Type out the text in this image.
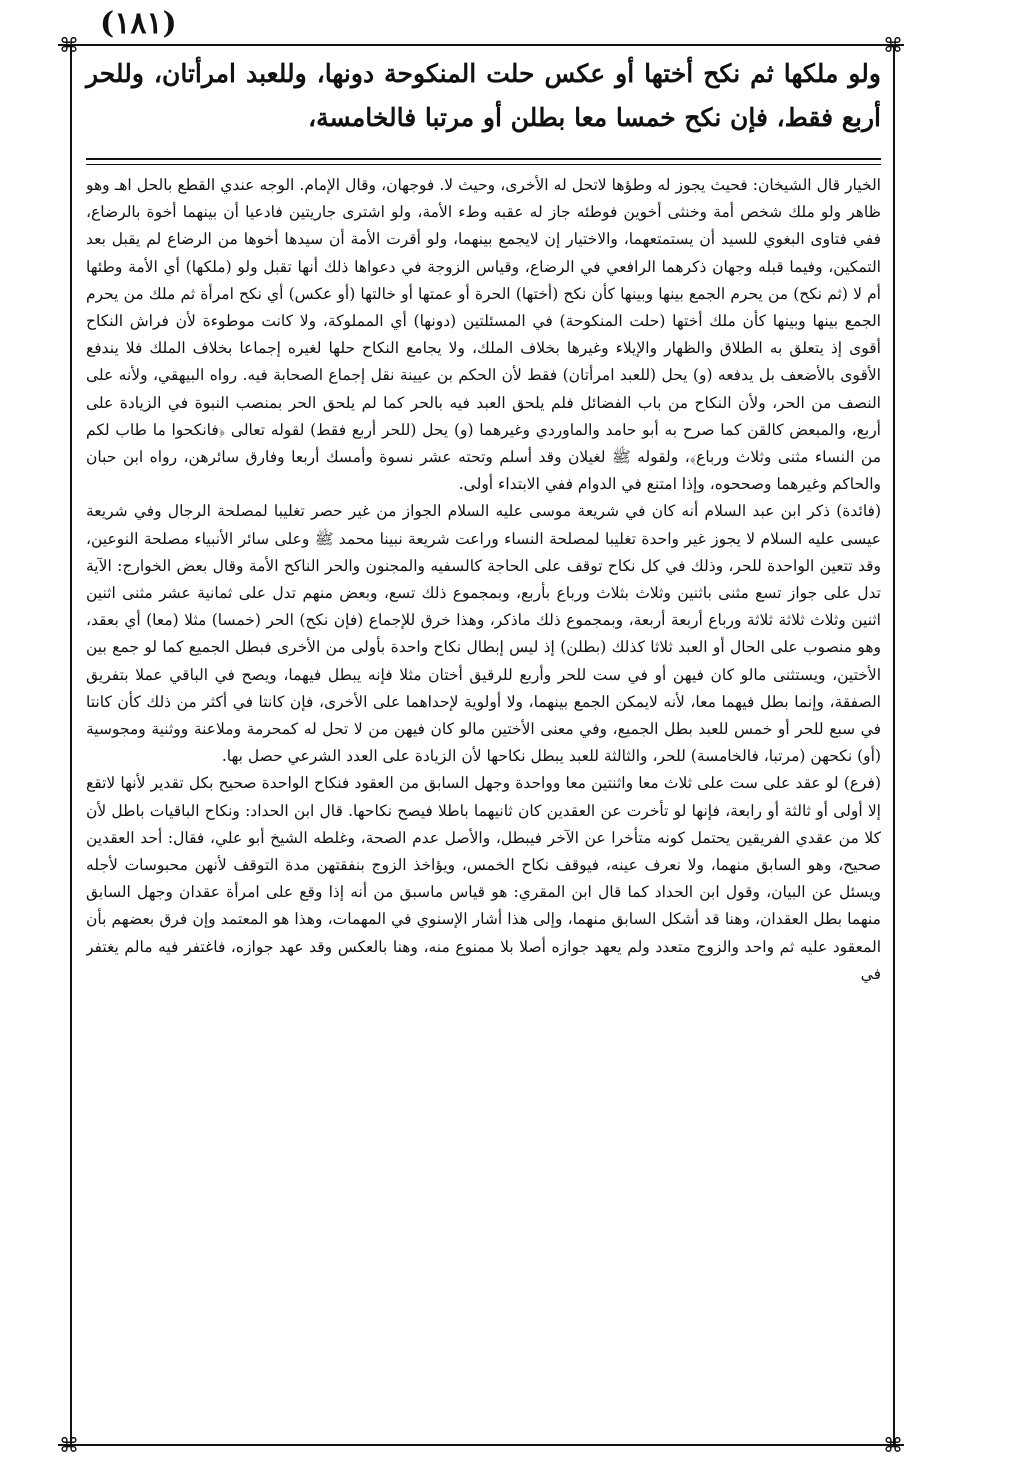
(١٨١)
⌘	⌘
⌘	⌘
ولو ملكها ثم نكح أختها أو عكس حلت المنكوحة دونها، وللعبد امرأتان، وللحر أربع فقط، فإن نكح خمسا معا بطلن أو مرتبا فالخامسة،

الخيار قال الشيخان: فحيث يجوز له وطؤها لاتحل له الأخرى، وحيث لا. فوجهان، وقال الإمام. الوجه عندي القطع بالحل اهـ وهو ظاهر ولو ملك شخص أمة وخنثى أخوين فوطئه جاز له عقبه وطء الأمة، ولو اشترى جاريتين فادعيا أن بينهما أخوة بالرضاع، ففي فتاوى البغوي للسيد أن يستمتعهما، والاختيار إن لايجمع بينهما، ولو أقرت الأمة أن سيدها أخوها من الرضاع لم يقبل بعد التمكين، وفيما قبله وجهان ذكرهما الرافعي في الرضاع، وقياس الزوجة في دعواها ذلك أنها تقبل ولو (ملكها) أي الأمة وطئها أم لا (ثم نكح) من يحرم الجمع بينها وبينها كأن نكح (أختها) الحرة أو عمتها أو خالتها (أو عكس) أي نكح امرأة ثم ملك من يحرم الجمع بينها وبينها كأن ملك أختها (حلت المنكوحة) في المسئلتين (دونها) أي المملوكة، ولا كانت موطوءة لأن فراش النكاح أقوى إذ يتعلق به الطلاق والظهار والإيلاء وغيرها بخلاف الملك، ولا يجامع النكاح حلها لغيره إجماعا بخلاف الملك فلا يندفع الأقوى بالأضعف بل يدفعه (و) يحل (للعبد امرأتان) فقط لأن الحكم بن عيينة نقل إجماع الصحابة فيه. رواه البيهقي، ولأنه على النصف من الحر، ولأن النكاح من باب الفضائل فلم يلحق العبد فيه بالحر كما لم يلحق الحر بمنصب النبوة في الزيادة على أربع، والمبعض كالقن كما صرح به أبو حامد والماوردي وغيرهما (و) يحل (للحر أربع فقط) لقوله تعالى ﴿فانكحوا ما طاب لكم من النساء مثنى وثلاث ورباع﴾، ولقوله ﷺ لغيلان وقد أسلم وتحته عشر نسوة وأمسك أربعا وفارق سائرهن، رواه ابن حبان والحاكم وغيرهما وصححوه، وإذا امتنع في الدوام ففي الابتداء أولى.

(فائدة) ذكر ابن عبد السلام أنه كان في شريعة موسى عليه السلام الجواز من غير حصر تغليبا لمصلحة الرجال وفي شريعة عيسى عليه السلام لا يجوز غير واحدة تغليبا لمصلحة النساء وراعت شريعة نبينا محمد ﷺ وعلى سائر الأنبياء مصلحة النوعين، وقد تتعين الواحدة للحر، وذلك في كل نكاح توقف على الحاجة كالسفيه والمجنون والحر الناكح الأمة وقال بعض الخوارج: الآية تدل على جواز تسع مثنى باثنين وثلاث بثلاث ورباع بأربع، وبمجموع ذلك تسع، وبعض منهم تدل على ثمانية عشر مثنى اثنين اثنين وثلاث ثلاثة ثلاثة ورباع أربعة أربعة، وبمجموع ذلك ماذكر، وهذا خرق للإجماع (فإن نكح) الحر (خمسا) مثلا (معا) أي بعقد، وهو منصوب على الحال أو العبد ثلاثا كذلك (بطلن) إذ ليس إبطال نكاح واحدة بأولى من الأخرى فبطل الجميع كما لو جمع بين الأختين، ويستثنى مالو كان فيهن أو في ست للحر وأربع للرقيق أختان مثلا فإنه يبطل فيهما، ويصح في الباقي عملا بتفريق الصفقة، وإنما بطل فيهما معا، لأنه لايمكن الجمع بينهما، ولا أولوية لإحداهما على الأخرى، فإن كانتا في أكثر من ذلك كأن كانتا في سبع للحر أو خمس للعبد بطل الجميع، وفي معنى الأختين مالو كان فيهن من لا تحل له كمحرمة وملاعنة ووثنية ومجوسية (أو) نكحهن (مرتبا، فالخامسة) للحر، والثالثة للعبد يبطل نكاحها لأن الزيادة على العدد الشرعي حصل بها.

(فرع) لو عقد على ست على ثلاث معا واثنتين معا وواحدة وجهل السابق من العقود فنكاح الواحدة صحيح بكل تقدير لأنها لاتقع إلا أولى أو ثالثة أو رابعة، فإنها لو تأخرت عن العقدين كان ثانيهما باطلا فيصح نكاحها. قال ابن الحداد: ونكاح الباقيات باطل لأن كلا من عقدي الفريقين يحتمل كونه متأخرا عن الآخر فيبطل، والأصل عدم الصحة، وغلطه الشيخ أبو علي، فقال: أحد العقدين صحيح، وهو السابق منهما، ولا نعرف عينه، فيوقف نكاح الخمس، ويؤاخذ الزوج بنفقتهن مدة التوقف لأنهن محبوسات لأجله ويسئل عن البيان، وقول ابن الحداد كما قال ابن المقري: هو قياس ماسبق من أنه إذا وقع على امرأة عقدان وجهل السابق منهما بطل العقدان، وهنا قد أشكل السابق منهما، وإلى هذا أشار الإسنوي في المهمات، وهذا هو المعتمد وإن فرق بعضهم بأن المعقود عليه ثم واحد والزوج متعدد ولم يعهد جوازه أصلا بلا ممنوع منه، وهنا بالعكس وقد عهد جوازه، فاغتفر فيه مالم يغتفر في
